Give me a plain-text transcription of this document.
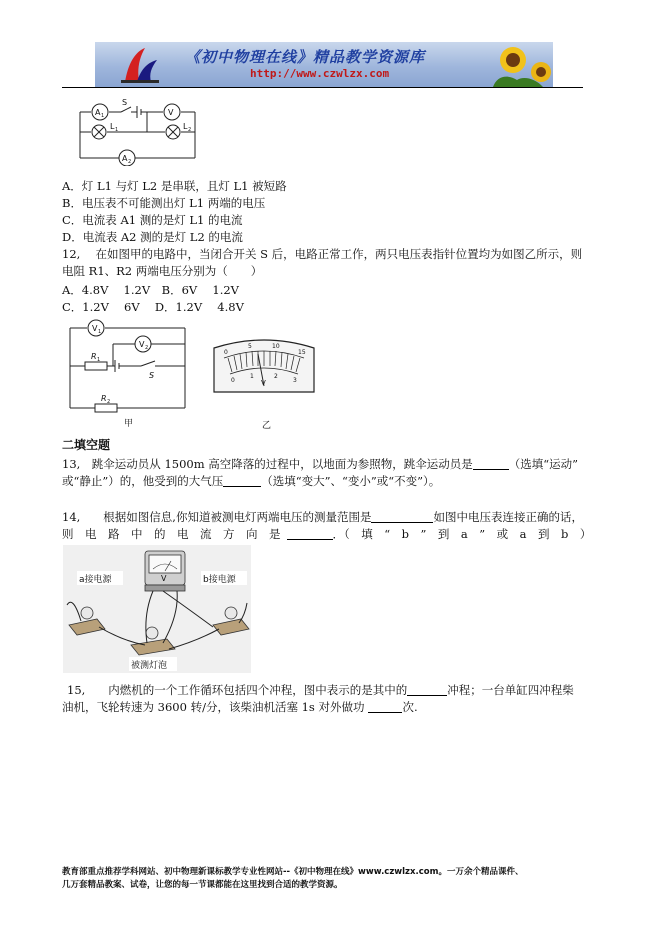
《初中物理在线》精品教学资源库
http://www.czwlzx.com
A 1
S
V
L 1	L 2
A 2
A．灯 L1 与灯 L2 是串联，且灯 L1 被短路
B．电压表不可能测出灯 L1 两端的电压
C．电流表 A1 测的是灯 L1 的电流
D．电流表 A2 测的是灯 L2 的电流
12,　 在如图甲的电路中，当闭合开关 S 后，电路正常工作，两只电压表指针位置均为如图乙所示，则
电阻 R1、R2 两端电压分别为（　　）
A．4.8V　 1.2V　B．6V　 1.2V
C．1.2V　 6V　 D．1.2V　 4.8V
V 1
V 2
R 1
S
R 2
甲
0
5	10
15
0
1	2
3
V
乙
二填空题
13,　跳伞运动员从 1500m 高空降落的过程中，以地面为参照物，跳伞运动员是	（选填“运动”
或“静止”）的，他受到的大气压	（选填“变大”、“变小”或“不变”）。
14,　　根据如图信息,你知道被测电灯两端电压的测量范围是	如图中电压表连接正确的话，
则　电　路　中　的　电　流　方　向　是	．（　填　“　b　”　到　a　”　或　a　到　b　）
a接电源	b接电源
被测灯泡
V
15,　　内燃机的一个工作循环包括四个冲程，图中表示的是其中的	冲程；一台单缸四冲程柴
油机，飞轮转速为 3600 转/分，该柴油机活塞 1s 对外做功	次.
教育部重点推荐学科网站、初中物理新课标教学专业性网站--《初中物理在线》www.czwlzx.com。一万余个精品课件、
几万套精品教案、试卷，让您的每一节课都能在这里找到合适的教学资源。
